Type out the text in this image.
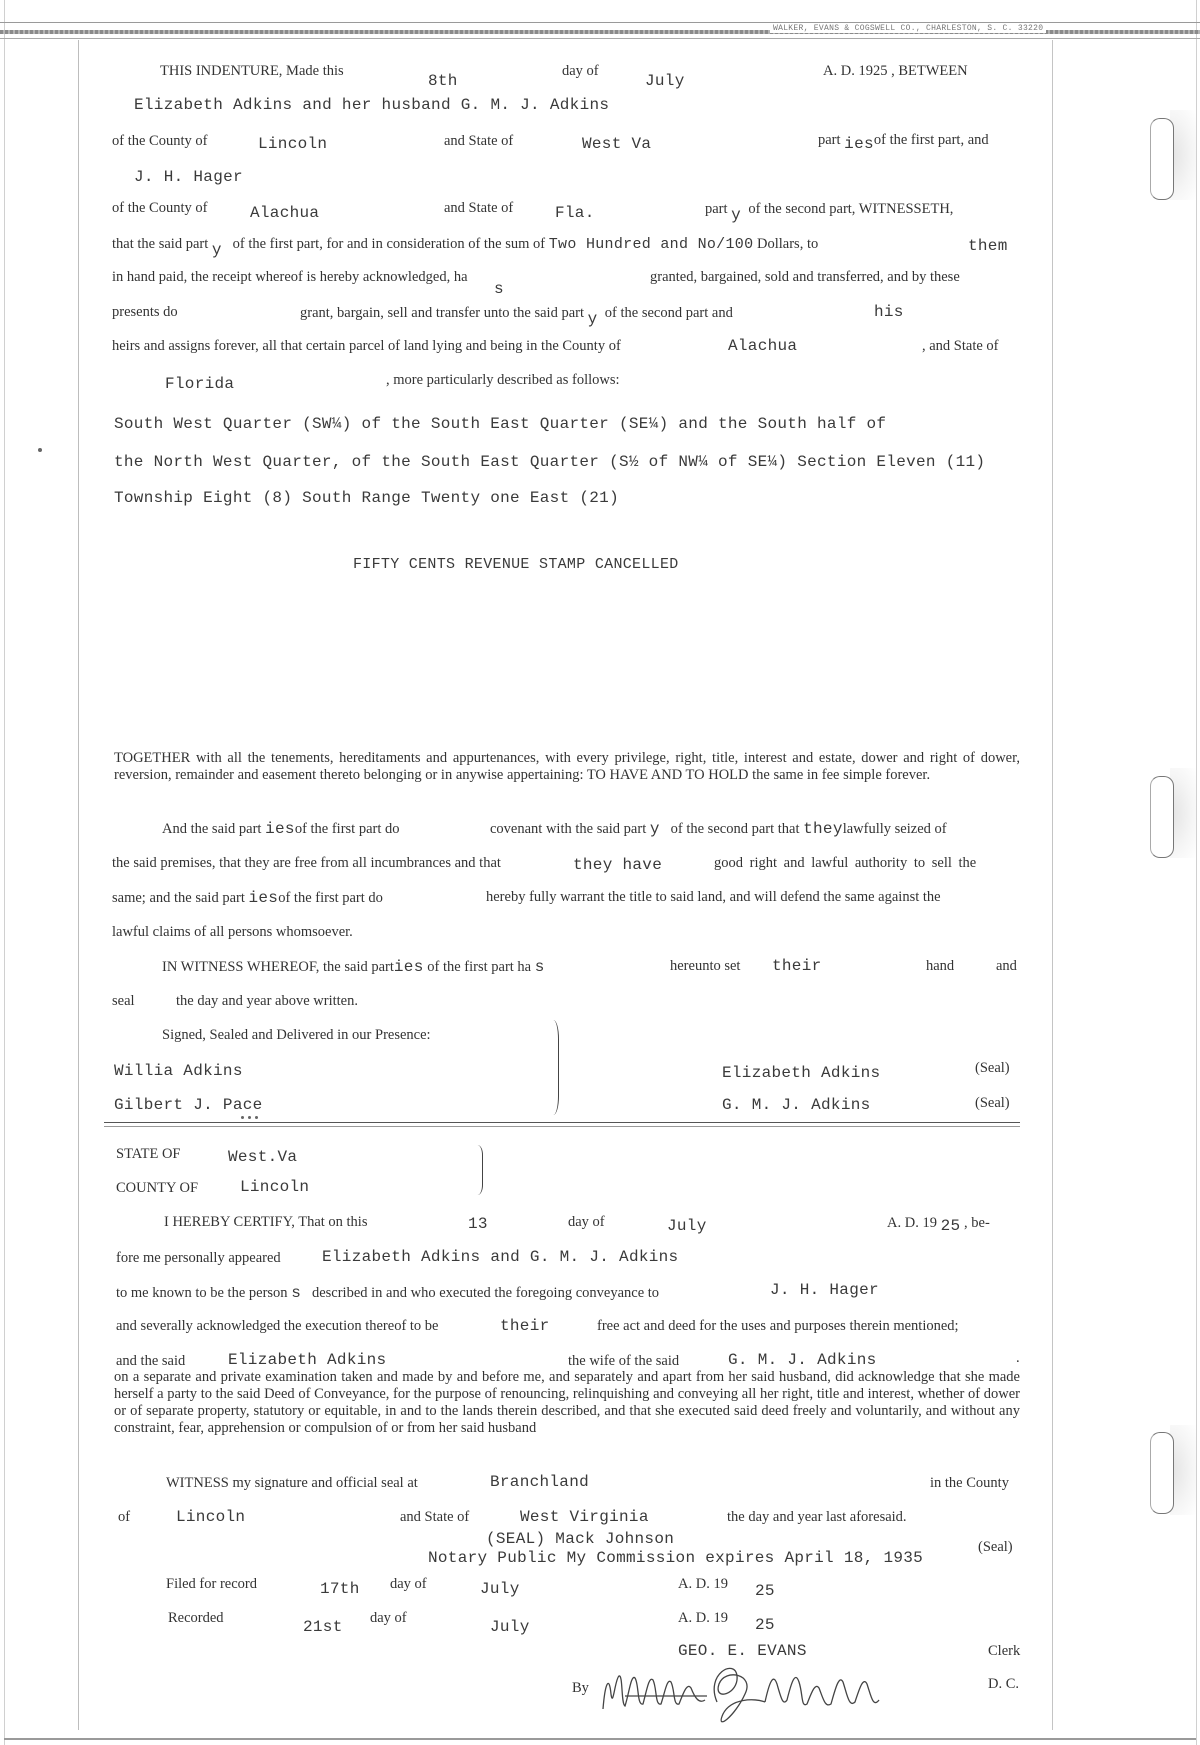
WALKER, EVANS & COGSWELL CO., CHARLESTON, S. C. 33220
THIS INDENTURE, Made this
8th
day of
July
A. D. 1925 , BETWEEN
Elizabeth Adkins and her husband G. M. J. Adkins
of the County of	Lincoln	and State of	West Va	part iesof the first part, and
J. H. Hager
of the County of	Alachua	and State of	Fla.	part y of the second part, WITNESSETH,
that the said part y of the first part, for and in consideration of the sum of Two Hundred and No/100 Dollars, to	them
in hand paid, the receipt whereof is hereby acknowledged, ha
s
granted, bargained, sold and transferred, and by these
presents do	grant, bargain, sell and transfer unto the said part y of the second part and	his
heirs and assigns forever, all that certain parcel of land lying and being in the County of	Alachua	, and State of
Florida	, more particularly described as follows:
South West Quarter (SW¼) of the South East Quarter (SE¼) and the South half of
the North West Quarter, of the South East Quarter (S½ of NW¼ of SE¼) Section Eleven (11)
Township Eight (8) South Range Twenty one East (21)
FIFTY CENTS REVENUE STAMP CANCELLED
TOGETHER with all the tenements, hereditaments and appurtenances, with every privilege, right, title, interest and estate, dower and right of dower, reversion, remainder and easement thereto belonging or in anywise appertaining: TO HAVE AND TO HOLD the same in fee simple forever.
And the said part iesof the first part do	covenant with the said part y of the second part that theylawfully seized of
the said premises, that they are free from all incumbrances and that	they have	good right and lawful authority to sell the
same; and the said part iesof the first part do	hereby fully warrant the title to said land, and will defend the same against the
lawful claims of all persons whomsoever.
IN WITNESS WHEREOF, the said parties of the first part ha s	hereunto set their	hand	and
seal	the day and year above written.
Signed, Sealed and Delivered in our Presence:
Willia Adkins
Gilbert J. Pace
Elizabeth Adkins	(Seal)
G. M. J. Adkins	(Seal)
STATE OF	West.Va
COUNTY OF	Lincoln
I HEREBY CERTIFY, That on this	13	day of	July	A. D. 19 25 , be-
fore me personally appeared	Elizabeth Adkins and G. M. J. Adkins
to me known to be the person s described in and who executed the foregoing conveyance to	J. H. Hager
and severally acknowledged the execution thereof to be	their	free act and deed for the uses and purposes therein mentioned;
and the said	Elizabeth Adkins	the wife of the said	G. M. J. Adkins	.
on a separate and private examination taken and made by and before me, and separately and apart from her said husband, did acknowledge that she made herself a party to the said Deed of Conveyance, for the purpose of renouncing, relinquishing and conveying all her right, title and interest, whether of dower or of separate property, statutory or equitable, in and to the lands therein described, and that she executed said deed freely and voluntarily, and without any constraint, fear, apprehension or compulsion of or from her said husband
WITNESS my signature and official seal at	Branchland	in the County
of	Lincoln	and State of	West Virginia	the day and year last aforesaid.
(SEAL) Mack Johnson
Notary Public My Commission expires April 18, 1935
(Seal)
Filed for record	17th day of	July	A. D. 19 25
Recorded	21st day of	July	A. D. 19 25
GEO. E. EVANS	Clerk
By	D. C.
